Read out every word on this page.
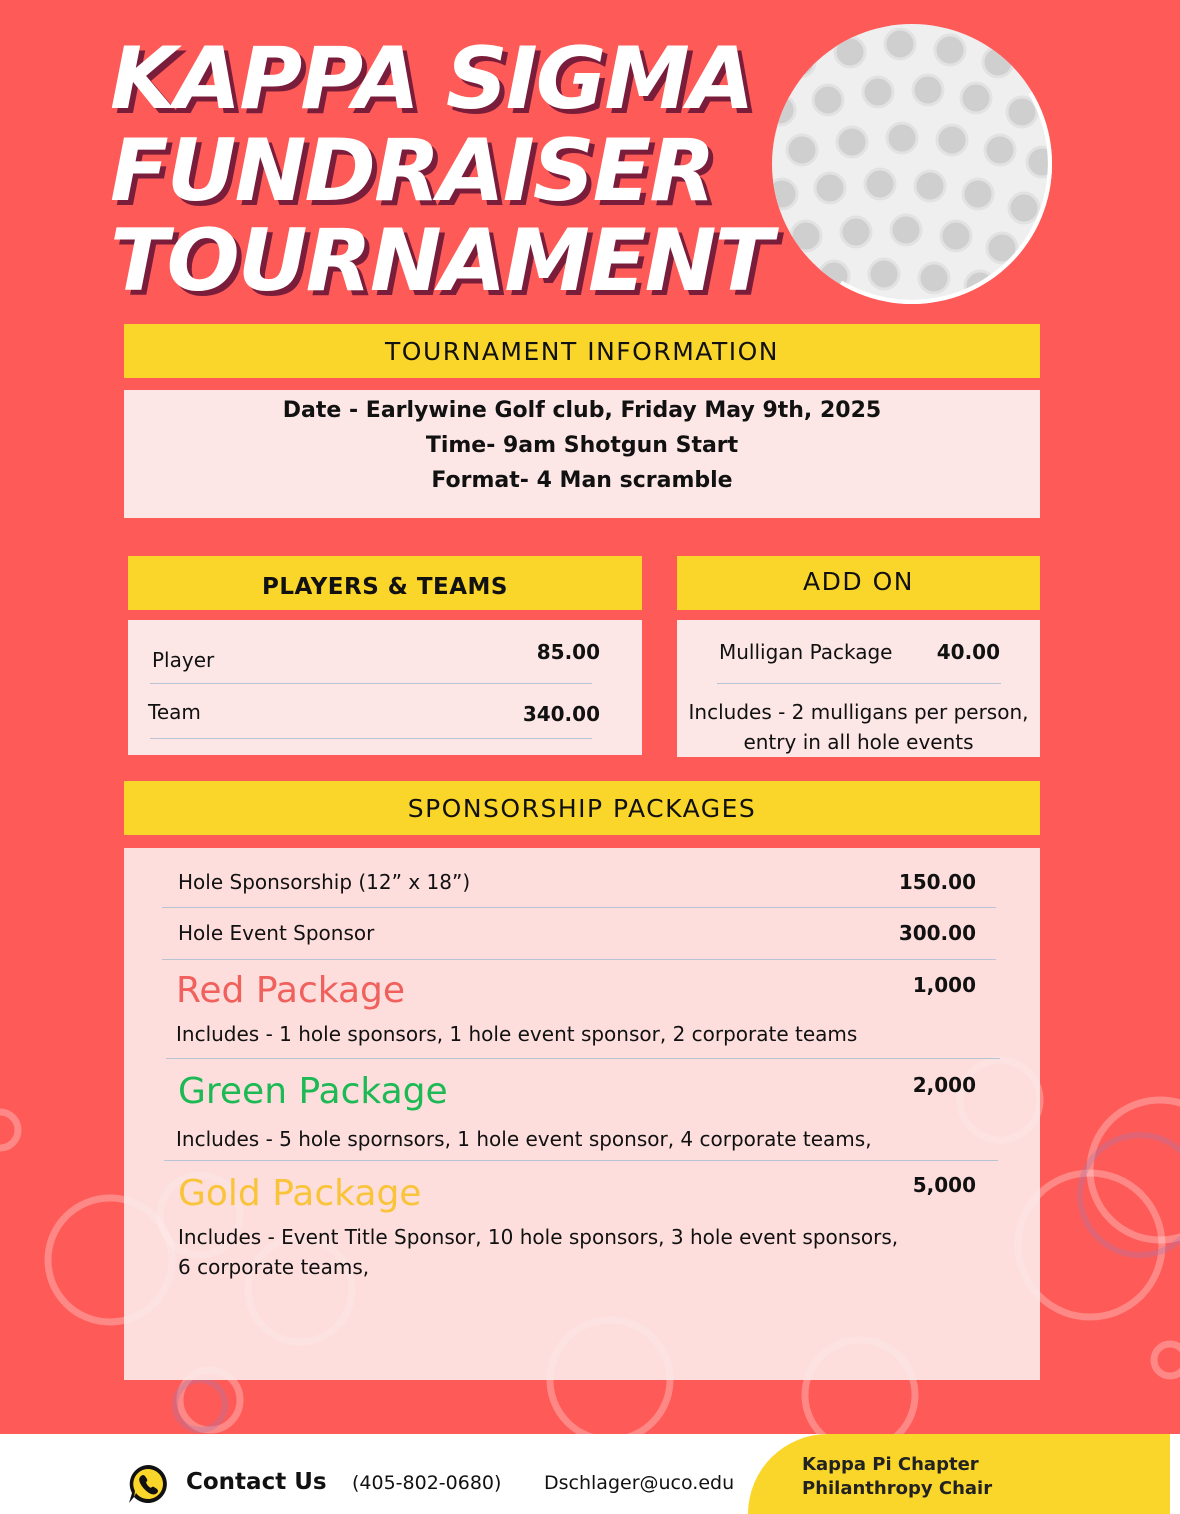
KAPPA SIGMA
FUNDRAISER
TOURNAMENT
TOURNAMENT INFORMATION
Date - Earlywine Golf club, Friday May 9th, 2025
Time- 9am Shotgun Start
Format- 4 Man scramble
PLAYERS & TEAMS
Player	85.00
Team	340.00
ADD ON
Mulligan Package 40.00
Includes - 2 mulligans per person,
entry in all hole events
SPONSORSHIP PACKAGES
Hole Sponsorship (12” x 18”)	150.00
Hole Event Sponsor	300.00
Red Package	1,000
Includes - 1 hole sponsors, 1 hole event sponsor, 2 corporate teams
Green Package	2,000
Includes - 5 hole spornsors, 1 hole event sponsor, 4 corporate teams,
Gold Package	5,000
Includes - Event Title Sponsor, 10 hole sponsors, 3 hole event sponsors,
6 corporate teams,
Contact Us (405-802-0680) Dschlager@uco.edu
Kappa Pi Chapter
Philanthropy Chair
